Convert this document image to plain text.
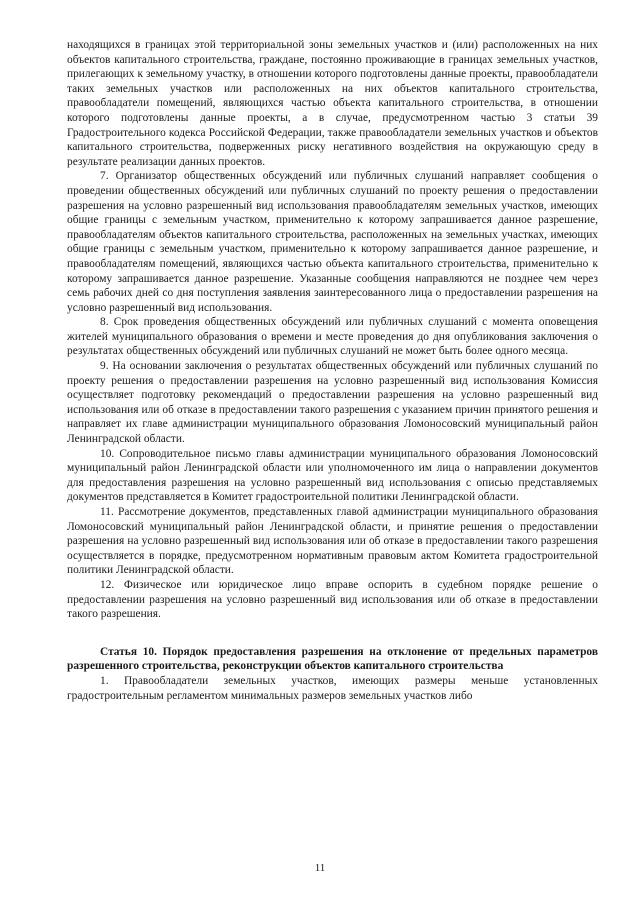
находящихся в границах этой территориальной зоны земельных участков и (или) расположенных на них объектов капитального строительства, граждане, постоянно проживающие в границах земельных участков, прилегающих к земельному участку, в отношении которого подготовлены данные проекты, правообладатели таких земельных участков или расположенных на них объектов капитального строительства, правообладатели помещений, являющихся частью объекта капитального строительства, в отношении которого подготовлены данные проекты, а в случае, предусмотренном частью 3 статьи 39 Градостроительного кодекса Российской Федерации, также правообладатели земельных участков и объектов капитального строительства, подверженных риску негативного воздействия на окружающую среду в результате реализации данных проектов.

7. Организатор общественных обсуждений или публичных слушаний направляет сообщения о проведении общественных обсуждений или публичных слушаний по проекту решения о предоставлении разрешения на условно разрешенный вид использования правообладателям земельных участков, имеющих общие границы с земельным участком, применительно к которому запрашивается данное разрешение, правообладателям объектов капитального строительства, расположенных на земельных участках, имеющих общие границы с земельным участком, применительно к которому запрашивается данное разрешение, и правообладателям помещений, являющихся частью объекта капитального строительства, применительно к которому запрашивается данное разрешение. Указанные сообщения направляются не позднее чем через семь рабочих дней со дня поступления заявления заинтересованного лица о предоставлении разрешения на условно разрешенный вид использования.

8. Срок проведения общественных обсуждений или публичных слушаний с момента оповещения жителей муниципального образования о времени и месте проведения до дня опубликования заключения о результатах общественных обсуждений или публичных слушаний не может быть более одного месяца.

9. На основании заключения о результатах общественных обсуждений или публичных слушаний по проекту решения о предоставлении разрешения на условно разрешенный вид использования Комиссия осуществляет подготовку рекомендаций о предоставлении разрешения на условно разрешенный вид использования или об отказе в предоставлении такого разрешения с указанием причин принятого решения и направляет их главе администрации муниципального образования Ломоносовский муниципальный район Ленинградской области.

10. Сопроводительное письмо главы администрации муниципального образования Ломоносовский муниципальный район Ленинградской области или уполномоченного им лица о направлении документов для предоставления разрешения на условно разрешенный вид использования с описью представляемых документов представляется в Комитет градостроительной политики Ленинградской области.

11. Рассмотрение документов, представленных главой администрации муниципального образования Ломоносовский муниципальный район Ленинградской области, и принятие решения о предоставлении разрешения на условно разрешенный вид использования или об отказе в предоставлении такого разрешения осуществляется в порядке, предусмотренном нормативным правовым актом Комитета градостроительной политики Ленинградской области.

12. Физическое или юридическое лицо вправе оспорить в судебном порядке решение о предоставлении разрешения на условно разрешенный вид использования или об отказе в предоставлении такого разрешения.

Статья 10. Порядок предоставления разрешения на отклонение от предельных параметров разрешенного строительства, реконструкции объектов капитального строительства

1. Правообладатели земельных участков, имеющих размеры меньше установленных градостроительным регламентом минимальных размеров земельных участков либо

11
